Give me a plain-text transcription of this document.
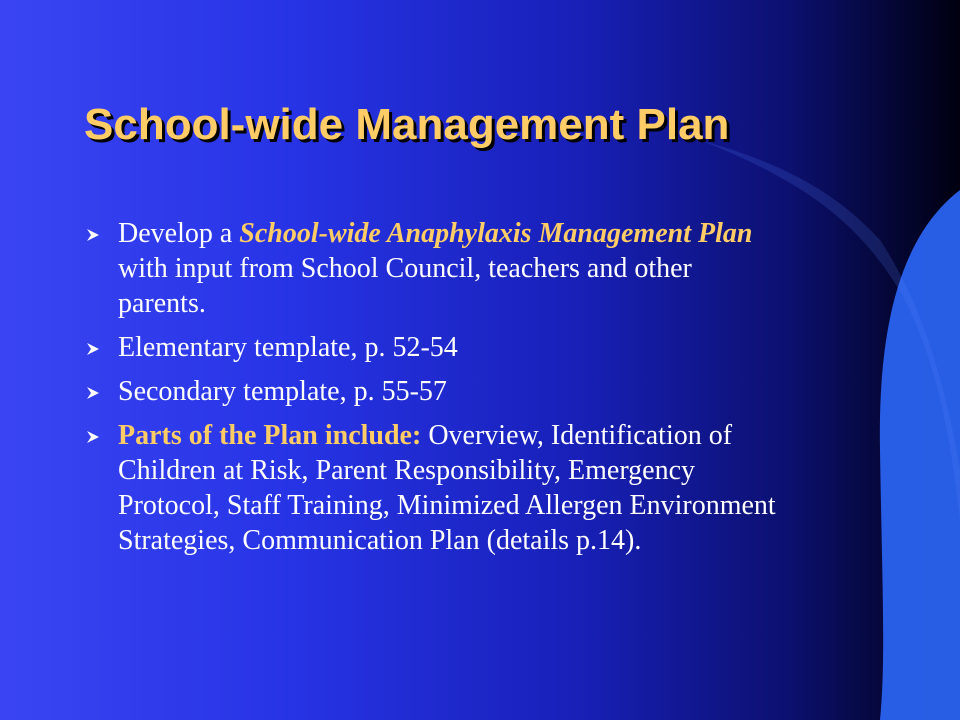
School-wide Management Plan
Develop a School-wide Anaphylaxis Management Plan with input from School Council, teachers and other parents.
Elementary template, p. 52-54
Secondary template, p. 55-57
Parts of the Plan include: Overview, Identification of Children at Risk, Parent Responsibility, Emergency Protocol, Staff Training, Minimized Allergen Environment Strategies, Communication Plan (details p.14).
